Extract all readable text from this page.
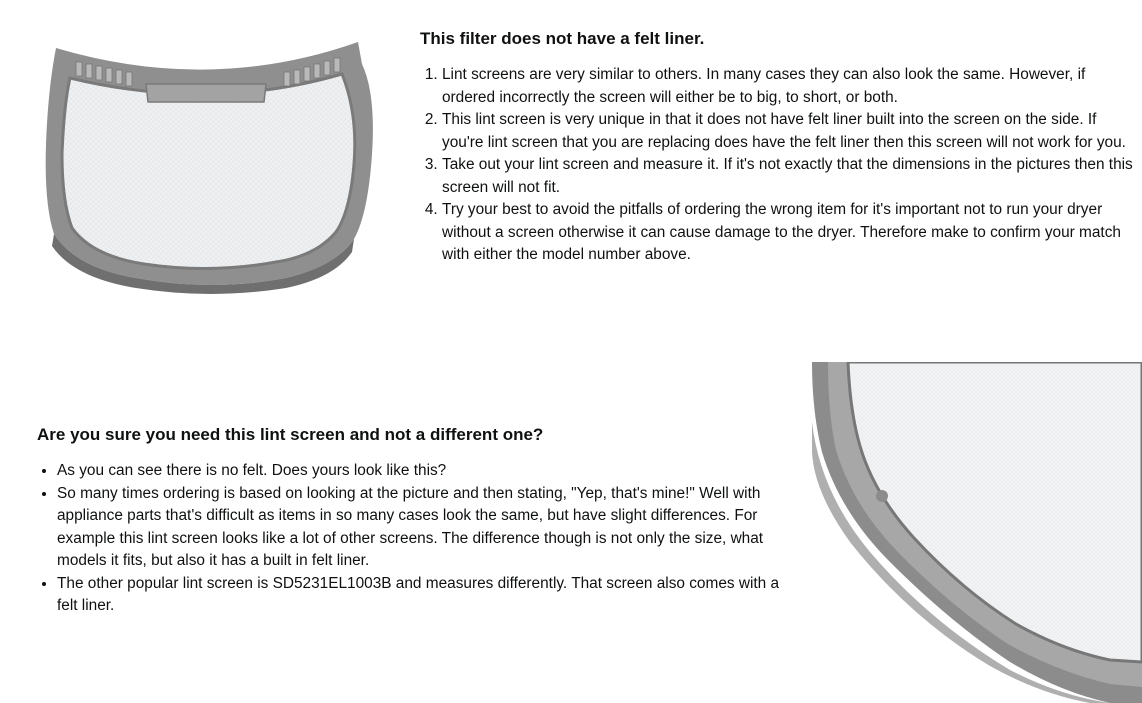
This filter does not have a felt liner.
1. Lint screens are very similar to others. In many cases they can also look the same. However, if ordered incorrectly the screen will either be to big, to short, or both.
2. This lint screen is very unique in that it does not have felt liner built into the screen on the side. If you're lint screen that you are replacing does have the felt liner then this screen will not work for you.
3. Take out your lint screen and measure it. If it's not exactly that the dimensions in the pictures then this screen will not fit.
4. Try your best to avoid the pitfalls of ordering the wrong item for it's important not to run your dryer without a screen otherwise it can cause damage to the dryer. Therefore make to confirm your match with either the model number above.
Are you sure you need this lint screen and not a different one?
• As you can see there is no felt. Does yours look like this?
• So many times ordering is based on looking at the picture and then stating, "Yep, that's mine!" Well with appliance parts that's difficult as items in so many cases look the same, but have slight differences. For example this lint screen looks like a lot of other screens. The difference though is not only the size, what models it fits, but also it has a built in felt liner.
• The other popular lint screen is SD5231EL1003B and measures differently. That screen also comes with a felt liner.
